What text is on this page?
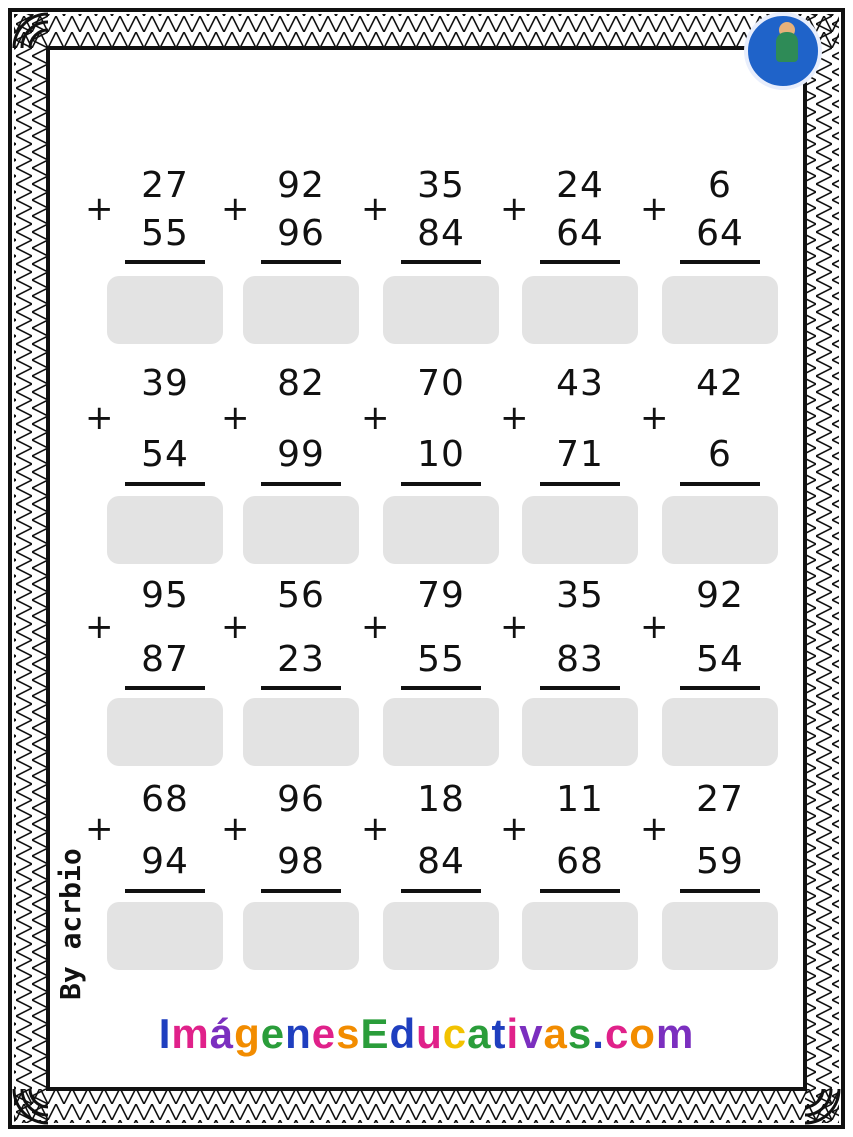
+
27
55
+
92
96
+
35
84
+
24
64
+
6
64
+
39
54
+
82
99
+
70
10
+
43
71
+
42
6
+
95
87
+
56
23
+
79
55
+
35
83
+
92
54
+
68
94
+
96
98
+
18
84
+
11
68
+
27
59
By acrbio
ImágenesEducativas.com
